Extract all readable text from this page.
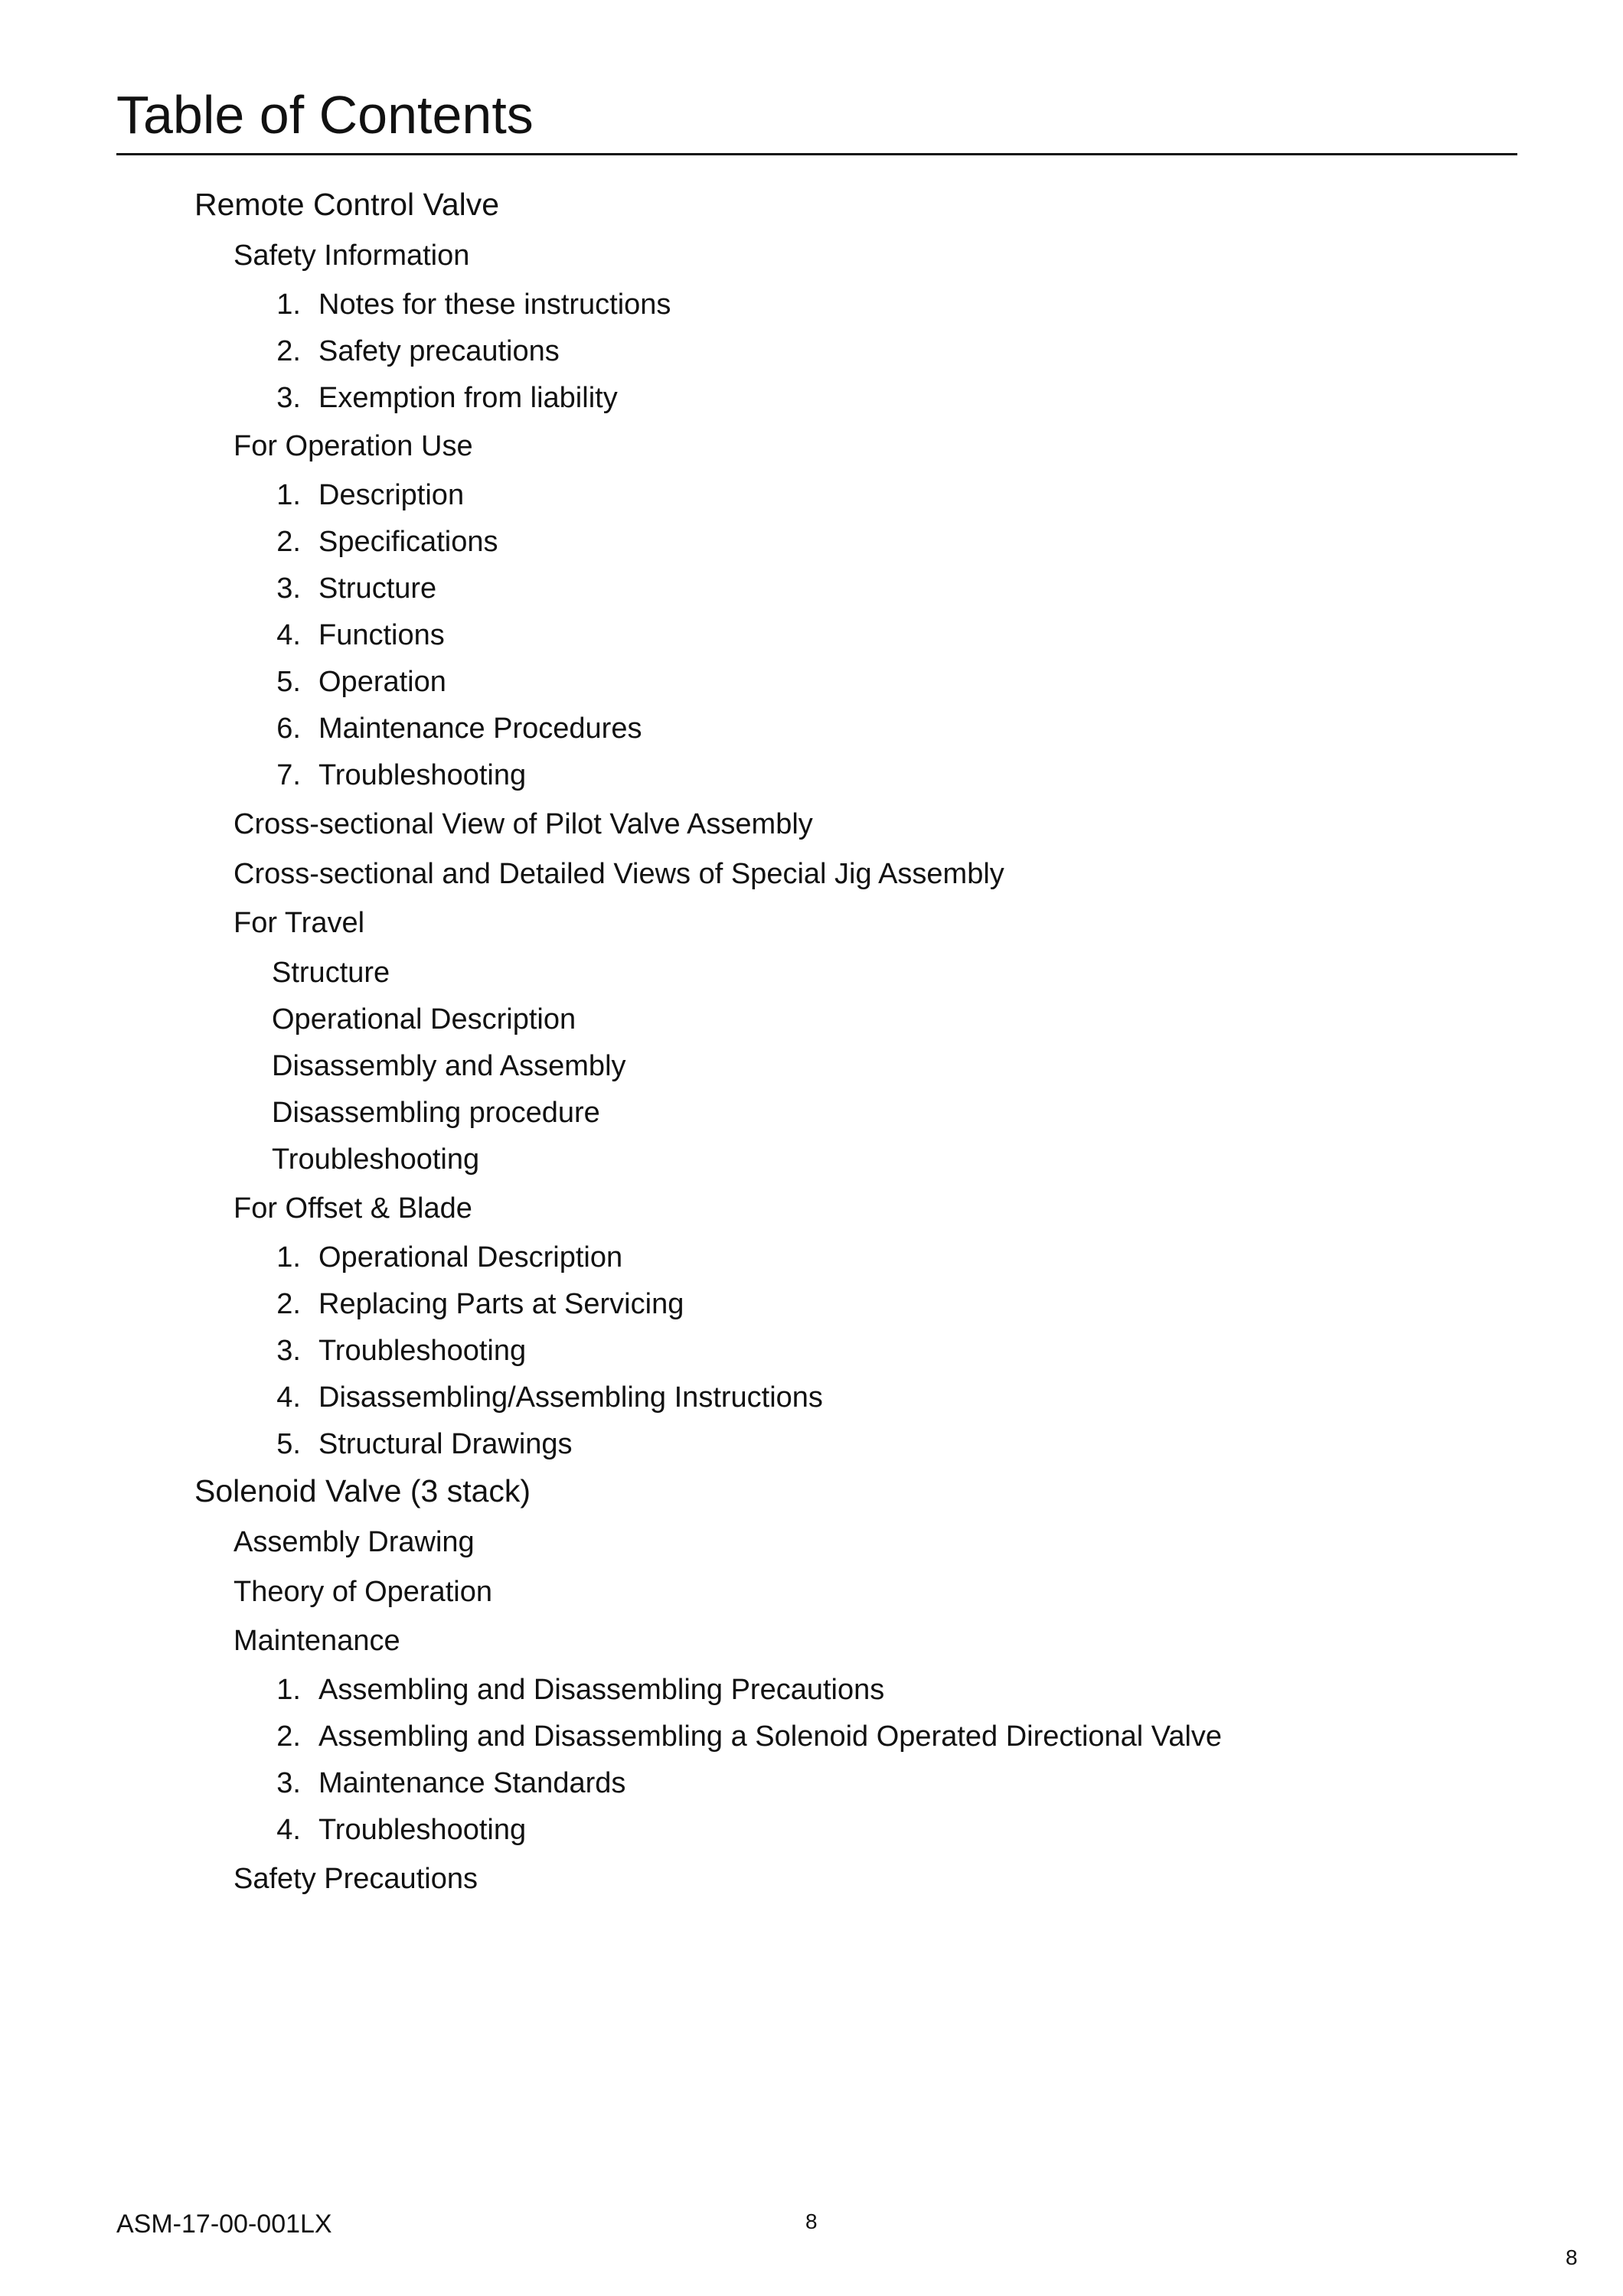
Table of Contents
Remote Control Valve
Safety Information
1. Notes for these instructions
2. Safety precautions
3. Exemption from liability
For Operation Use
1. Description
2. Specifications
3. Structure
4. Functions
5. Operation
6. Maintenance Procedures
7. Troubleshooting
Cross-sectional View of Pilot Valve Assembly
Cross-sectional and Detailed Views of Special Jig Assembly
For Travel
Structure
Operational Description
Disassembly and Assembly
Disassembling procedure
Troubleshooting
For Offset & Blade
1. Operational Description
2. Replacing Parts at Servicing
3. Troubleshooting
4. Disassembling/Assembling Instructions
5. Structural Drawings
Solenoid Valve (3 stack)
Assembly Drawing
Theory of Operation
Maintenance
1. Assembling and Disassembling Precautions
2. Assembling and Disassembling a Solenoid Operated Directional Valve
3. Maintenance Standards
4. Troubleshooting
Safety Precautions
ASM-17-00-001LX	8
8
